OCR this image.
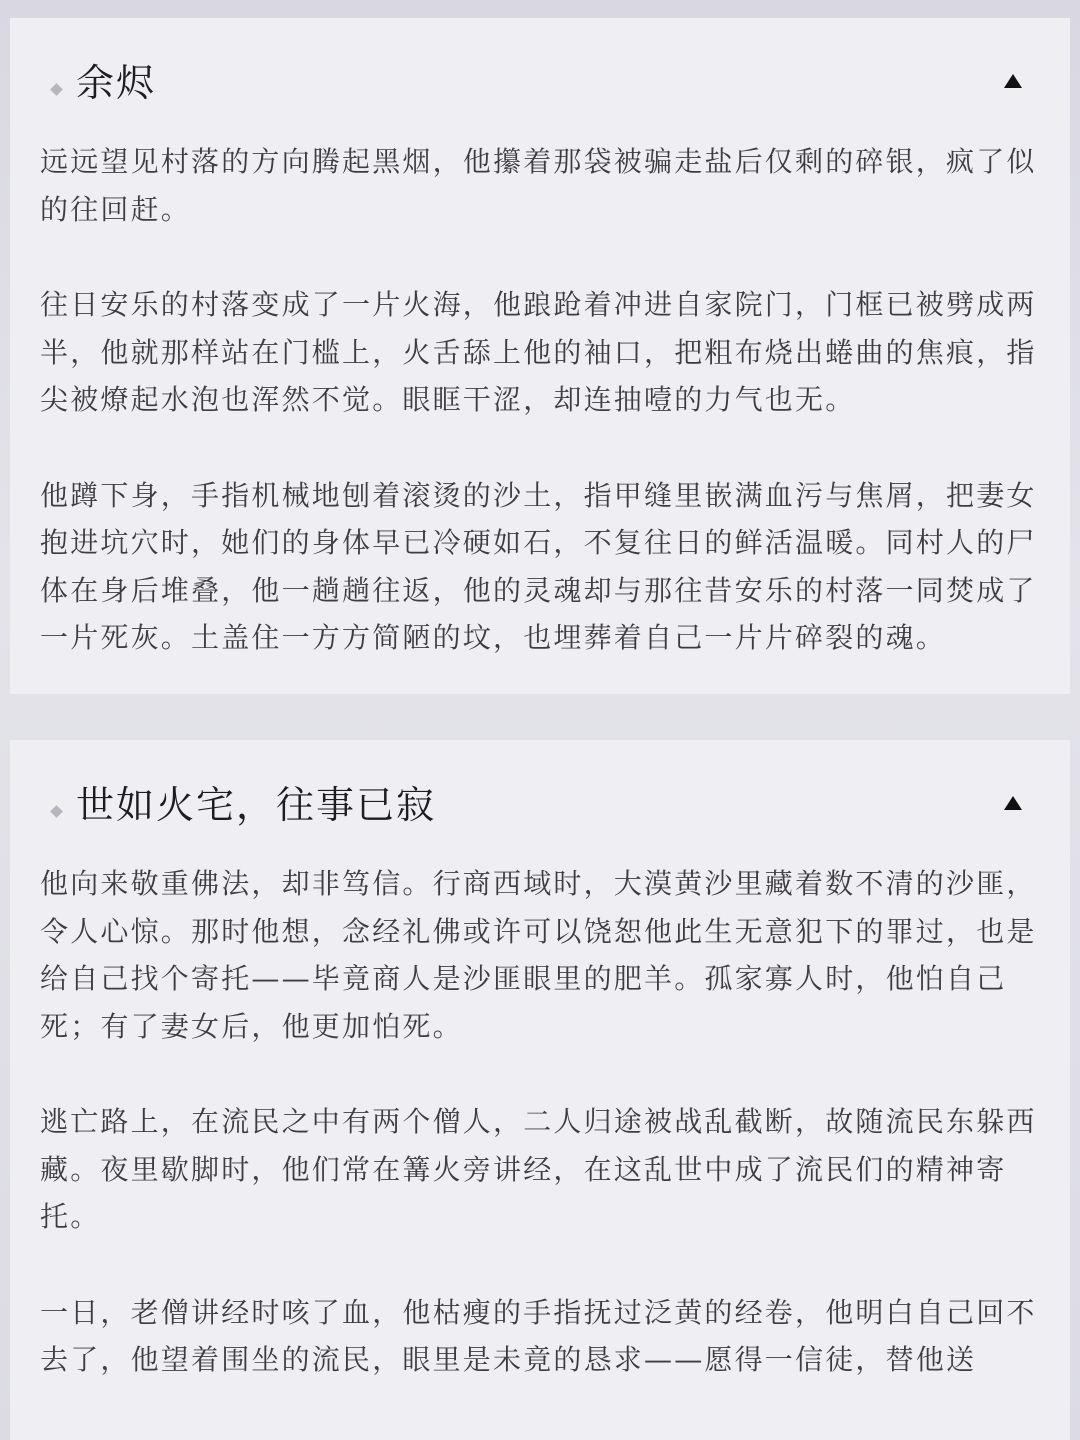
余烬

远远望见村落的方向腾起黑烟，他攥着那袋被骗走盐后仅剩的碎银，疯了似的往回赶。

往日安乐的村落变成了一片火海，他踉跄着冲进自家院门，门框已被劈成两半，他就那样站在门槛上，火舌舔上他的袖口，把粗布烧出蜷曲的焦痕，指尖被燎起水泡也浑然不觉。眼眶干涩，却连抽噎的力气也无。

他蹲下身，手指机械地刨着滚烫的沙土，指甲缝里嵌满血污与焦屑，把妻女抱进坑穴时，她们的身体早已冷硬如石，不复往日的鲜活温暖。同村人的尸体在身后堆叠，他一趟趟往返，他的灵魂却与那往昔安乐的村落一同焚成了一片死灰。土盖住一方方简陋的坟，也埋葬着自己一片片碎裂的魂。

世如火宅，往事已寂

他向来敬重佛法，却非笃信。行商西域时，大漠黄沙里藏着数不清的沙匪，令人心惊。那时他想，念经礼佛或许可以饶恕他此生无意犯下的罪过，也是给自己找个寄托——毕竟商人是沙匪眼里的肥羊。孤家寡人时，他怕自己死；有了妻女后，他更加怕死。

逃亡路上，在流民之中有两个僧人，二人归途被战乱截断，故随流民东躲西藏。夜里歇脚时，他们常在篝火旁讲经，在这乱世中成了流民们的精神寄托。

一日，老僧讲经时咳了血，他枯瘦的手指抚过泛黄的经卷，他明白自己回不去了，他望着围坐的流民，眼里是未竟的恳求——愿得一信徒，替他送
